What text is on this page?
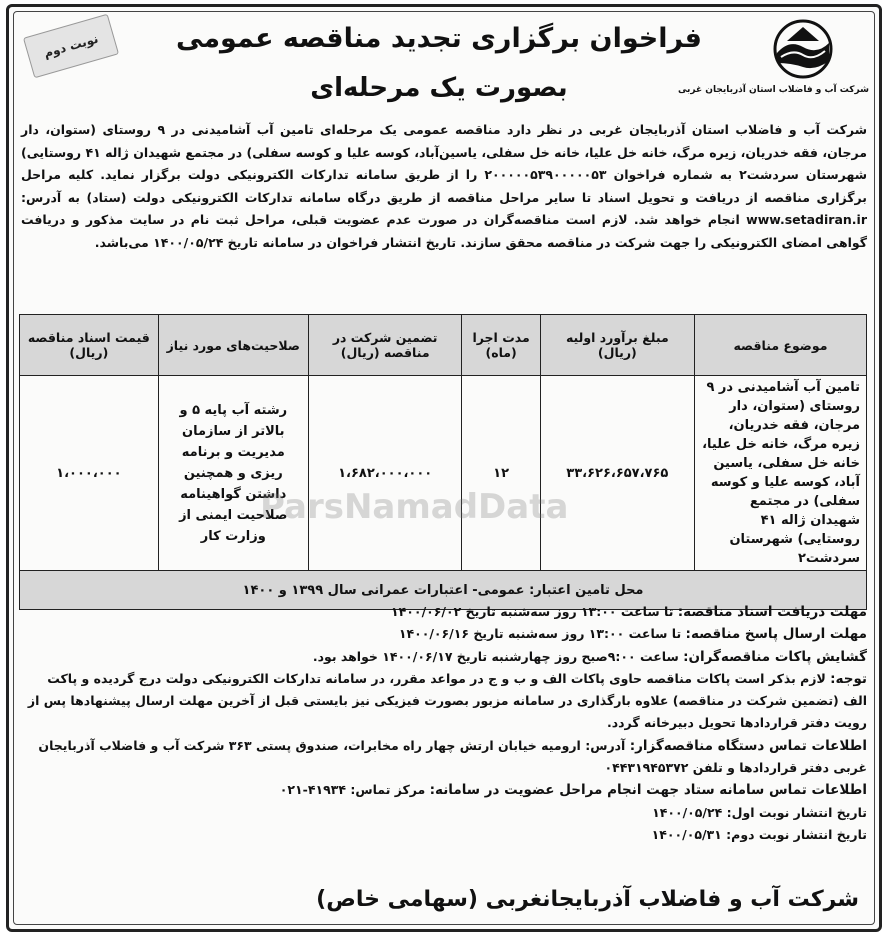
شرکت آب و فاضلاب استان آذربایجان غربی
نوبت دوم	فراخوان برگزاری تجدید مناقصه عمومی
بصورت یک مرحله‌ای
شرکت آب و فاضلاب استان آذربایجان غربی در نظر دارد مناقصه عمومی یک مرحله‌ای تامین آب آشامیدنی در ۹ روستای (ستوان، دار مرجان، فقه خدریان، زیره مرگ، خانه خل علیا، خانه خل سفلی، یاسین‌آباد، کوسه علیا و کوسه سفلی) در مجتمع شهیدان ژاله ۴۱ روستایی) شهرستان سردشت۲ به شماره فراخوان ۲۰۰۰۰۰۵۳۹۰۰۰۰۰۵۳ را از طریق سامانه تدارکات الکترونیکی دولت برگزار نماید. کلیه مراحل برگزاری مناقصه از دریافت و تحویل اسناد تا سایر مراحل مناقصه از طریق درگاه سامانه تدارکات الکترونیکی دولت (ستاد) به آدرس: www.setadiran.ir انجام خواهد شد. لازم است مناقصه‌گران در صورت عدم عضویت قبلی، مراحل ثبت نام در سایت مذکور و دریافت گواهی امضای الکترونیکی را جهت شرکت در مناقصه محقق سازند. تاریخ انتشار فراخوان در سامانه تاریخ ۱۴۰۰/۰۵/۲۴ می‌باشد.
موضوع مناقصه	مبلغ برآورد اولیه (ریال)	مدت اجرا (ماه)	تضمین شرکت در مناقصه (ریال)	صلاحیت‌های مورد نیاز	قیمت اسناد مناقصه (ریال)
تامین آب آشامیدنی در ۹ روستای (ستوان، دار مرجان، فقه خدریان، زیره مرگ، خانه خل علیا، خانه خل سفلی، یاسین آباد، کوسه علیا و کوسه سفلی) در مجتمع شهیدان ژاله ۴۱ روستایی) شهرستان سردشت۲	۳۳،۶۲۶،۶۵۷،۷۶۵	۱۲	۱،۶۸۲،۰۰۰،۰۰۰	رشته آب پایه ۵ و بالاتر از سازمان مدیریت و برنامه ریزی و همچنین داشتن گواهینامه صلاحیت ایمنی از وزارت کار	۱،۰۰۰،۰۰۰
محل تامین اعتبار: عمومی- اعتبارات عمرانی سال ۱۳۹۹ و ۱۴۰۰					

مهلت دریافت اسناد مناقصه: تا ساعت ۱۳:۰۰ روز سه‌شنبه تاریخ ۱۴۰۰/۰۶/۰۲

مهلت ارسال پاسخ مناقصه: تا ساعت ۱۳:۰۰ روز سه‌شنبه تاریخ ۱۴۰۰/۰۶/۱۶

گشایش پاکات مناقصه‌گران: ساعت ۹:۰۰صبح روز چهارشنبه تاریخ ۱۴۰۰/۰۶/۱۷ خواهد بود.

توجه: لازم بذکر است پاکات مناقصه حاوی پاکات الف و ب و ج در مواعد مقرر، در سامانه تدارکات الکترونیکی دولت درج گردیده و پاکت الف (تضمین شرکت در مناقصه) علاوه بارگذاری در سامانه مزبور بصورت فیزیکی نیز بایستی قبل از آخرین مهلت ارسال پیشنهادها پس از رویت دفتر قراردادها تحویل دبیرخانه گردد.

اطلاعات تماس دستگاه مناقصه‌گزار: آدرس: ارومیه خیابان ارتش چهار راه مخابرات، صندوق پستی ۳۶۳ شرکت آب و فاضلاب آذربایجان غربی دفتر قراردادها و تلفن ۰۴۴۳۱۹۴۵۳۷۲

اطلاعات تماس سامانه ستاد جهت انجام مراحل عضویت در سامانه: مرکز تماس: ۴۱۹۳۴-۰۲۱

تاریخ انتشار نوبت اول: ۱۴۰۰/۰۵/۲۴

تاریخ انتشار نوبت دوم: ۱۴۰۰/۰۵/۳۱

شرکت آب و فاضلاب آذربایجانغربی (سهامی خاص)
ParsNamadData
